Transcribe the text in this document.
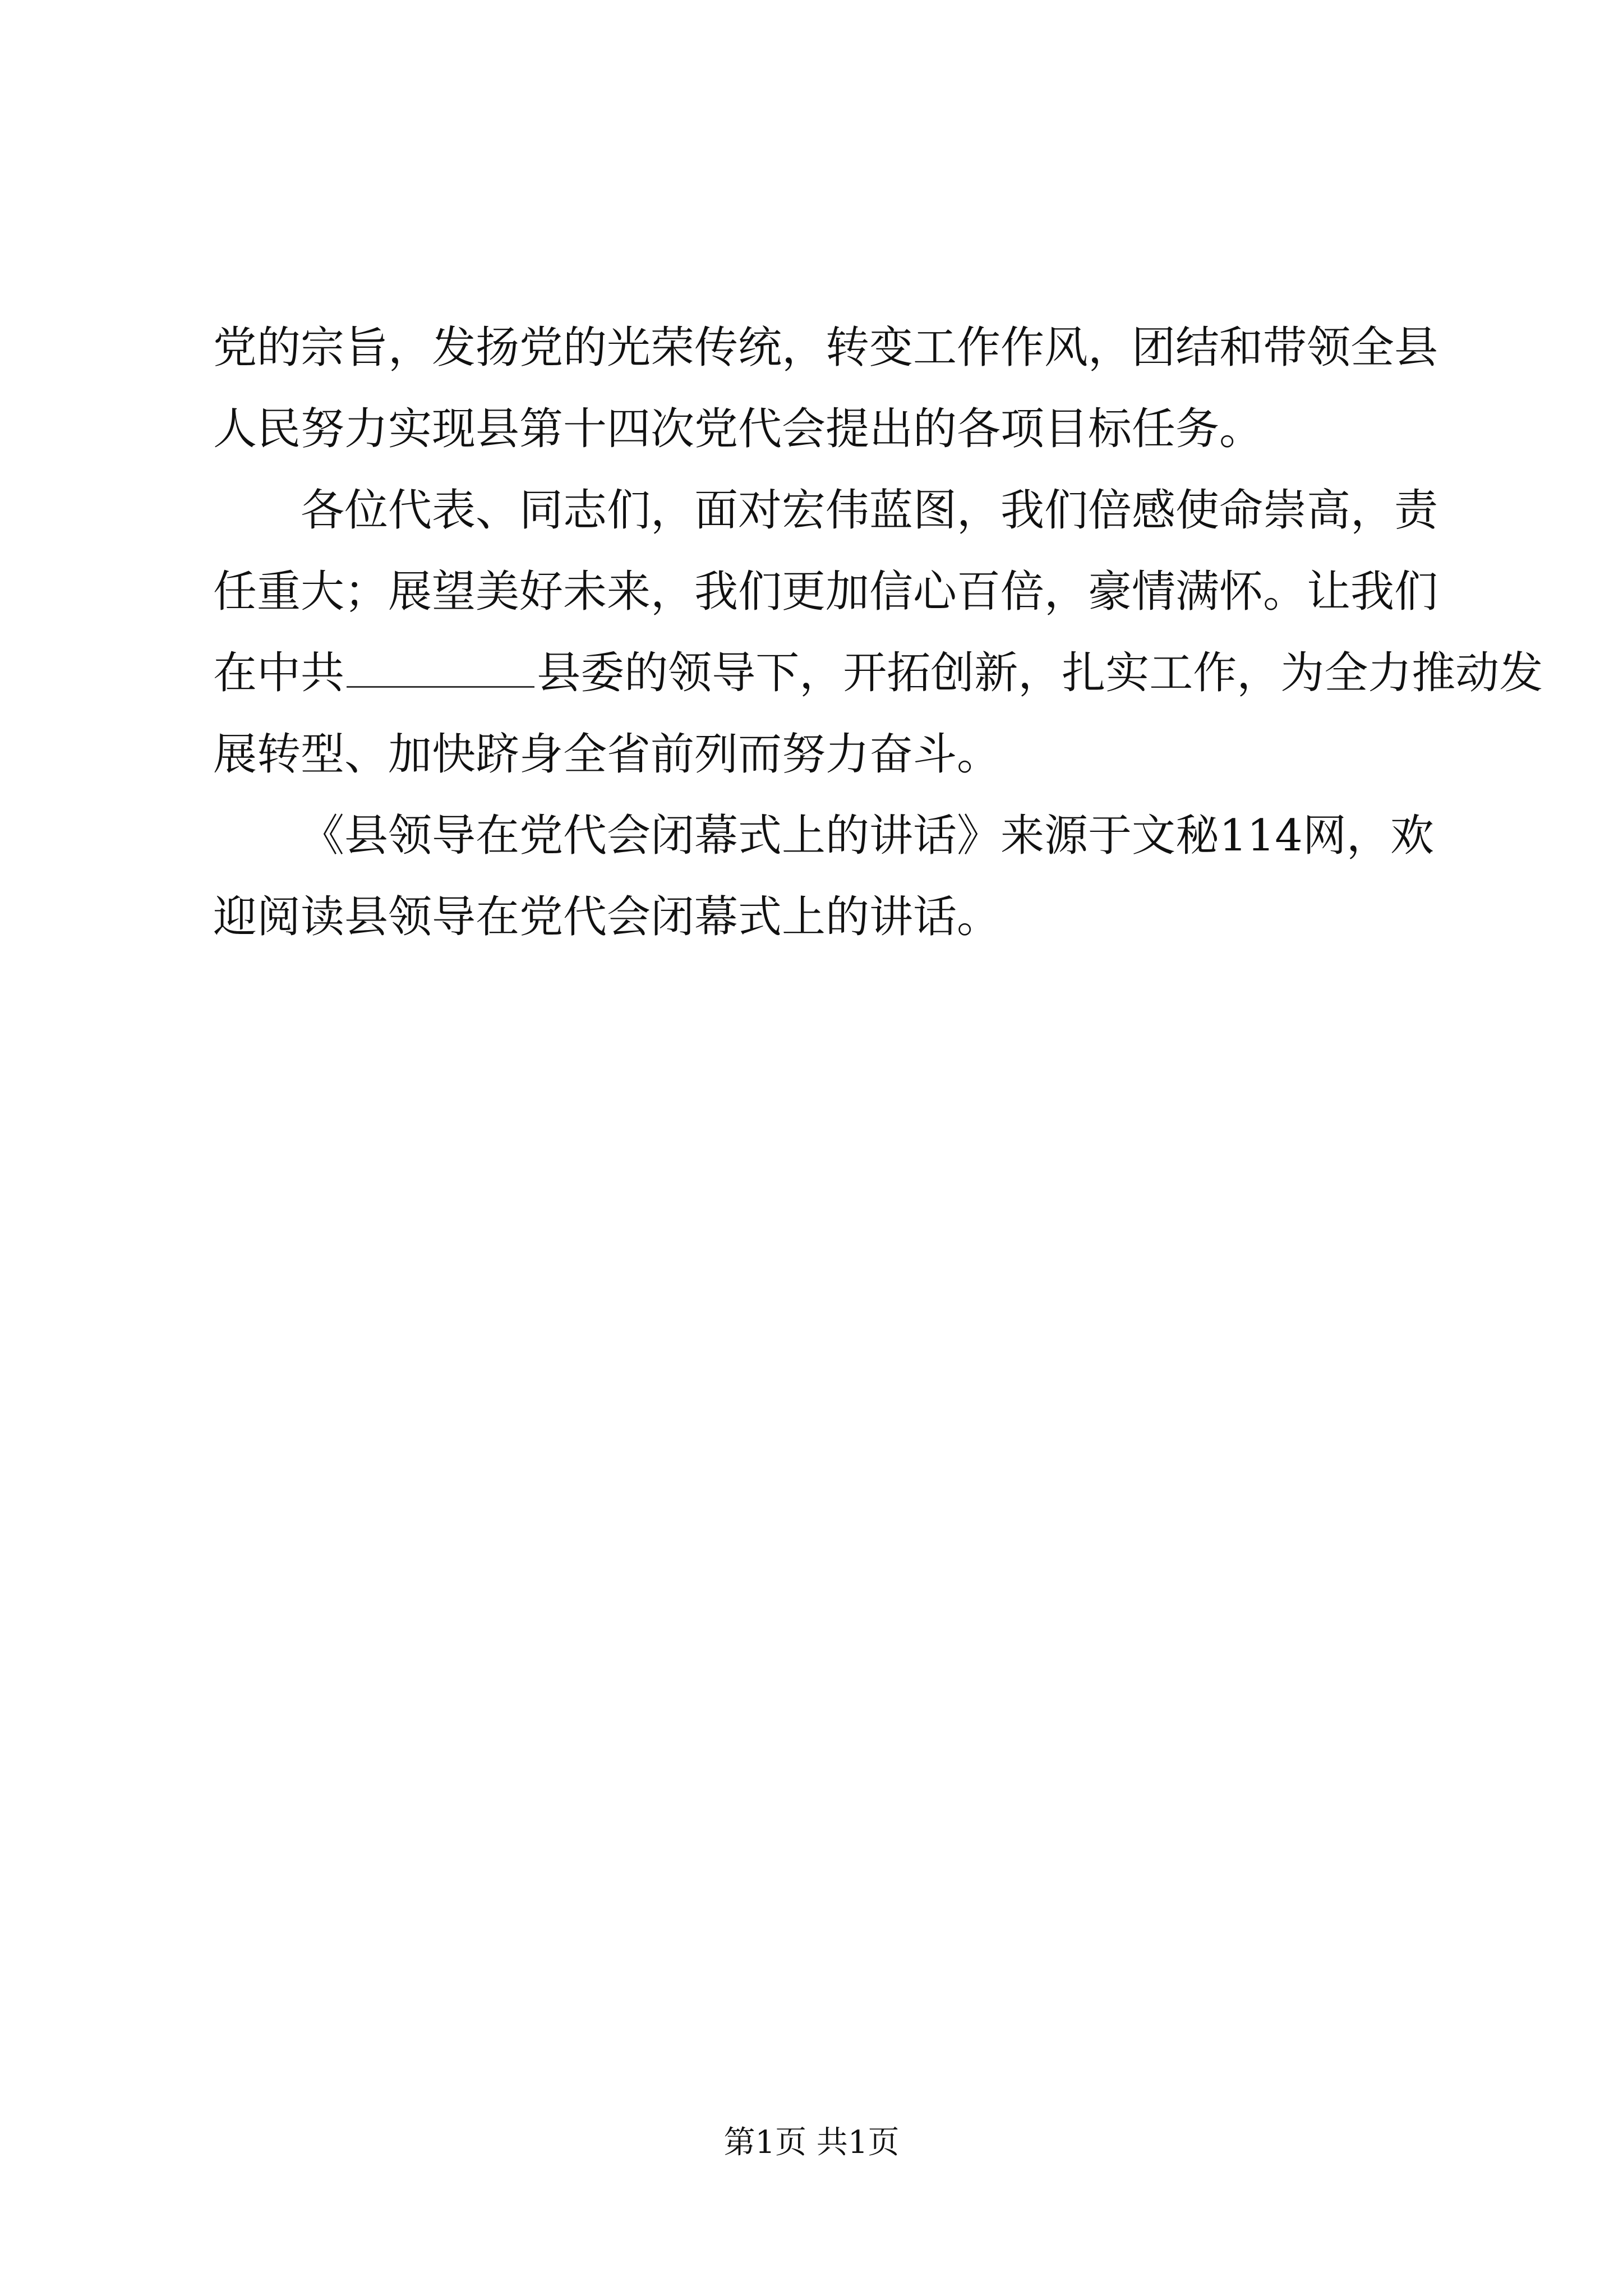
党的宗旨，发扬党的光荣传统，转变工作作风，团结和带领全县
人民努力实现县第十四次党代会提出的各项目标任务。
各位代表、同志们，面对宏伟蓝图，我们倍感使命崇高，责
任重大；展望美好未来，我们更加信心百倍，豪情满怀。让我们
在中共	县委的领导下，开拓创新，扎实工作，为全力推动发
展转型、加快跻身全省前列而努力奋斗。
《县领导在党代会闭幕式上的讲话》来源于文秘114网，欢
迎阅读县领导在党代会闭幕式上的讲话。
第1页 共1页
